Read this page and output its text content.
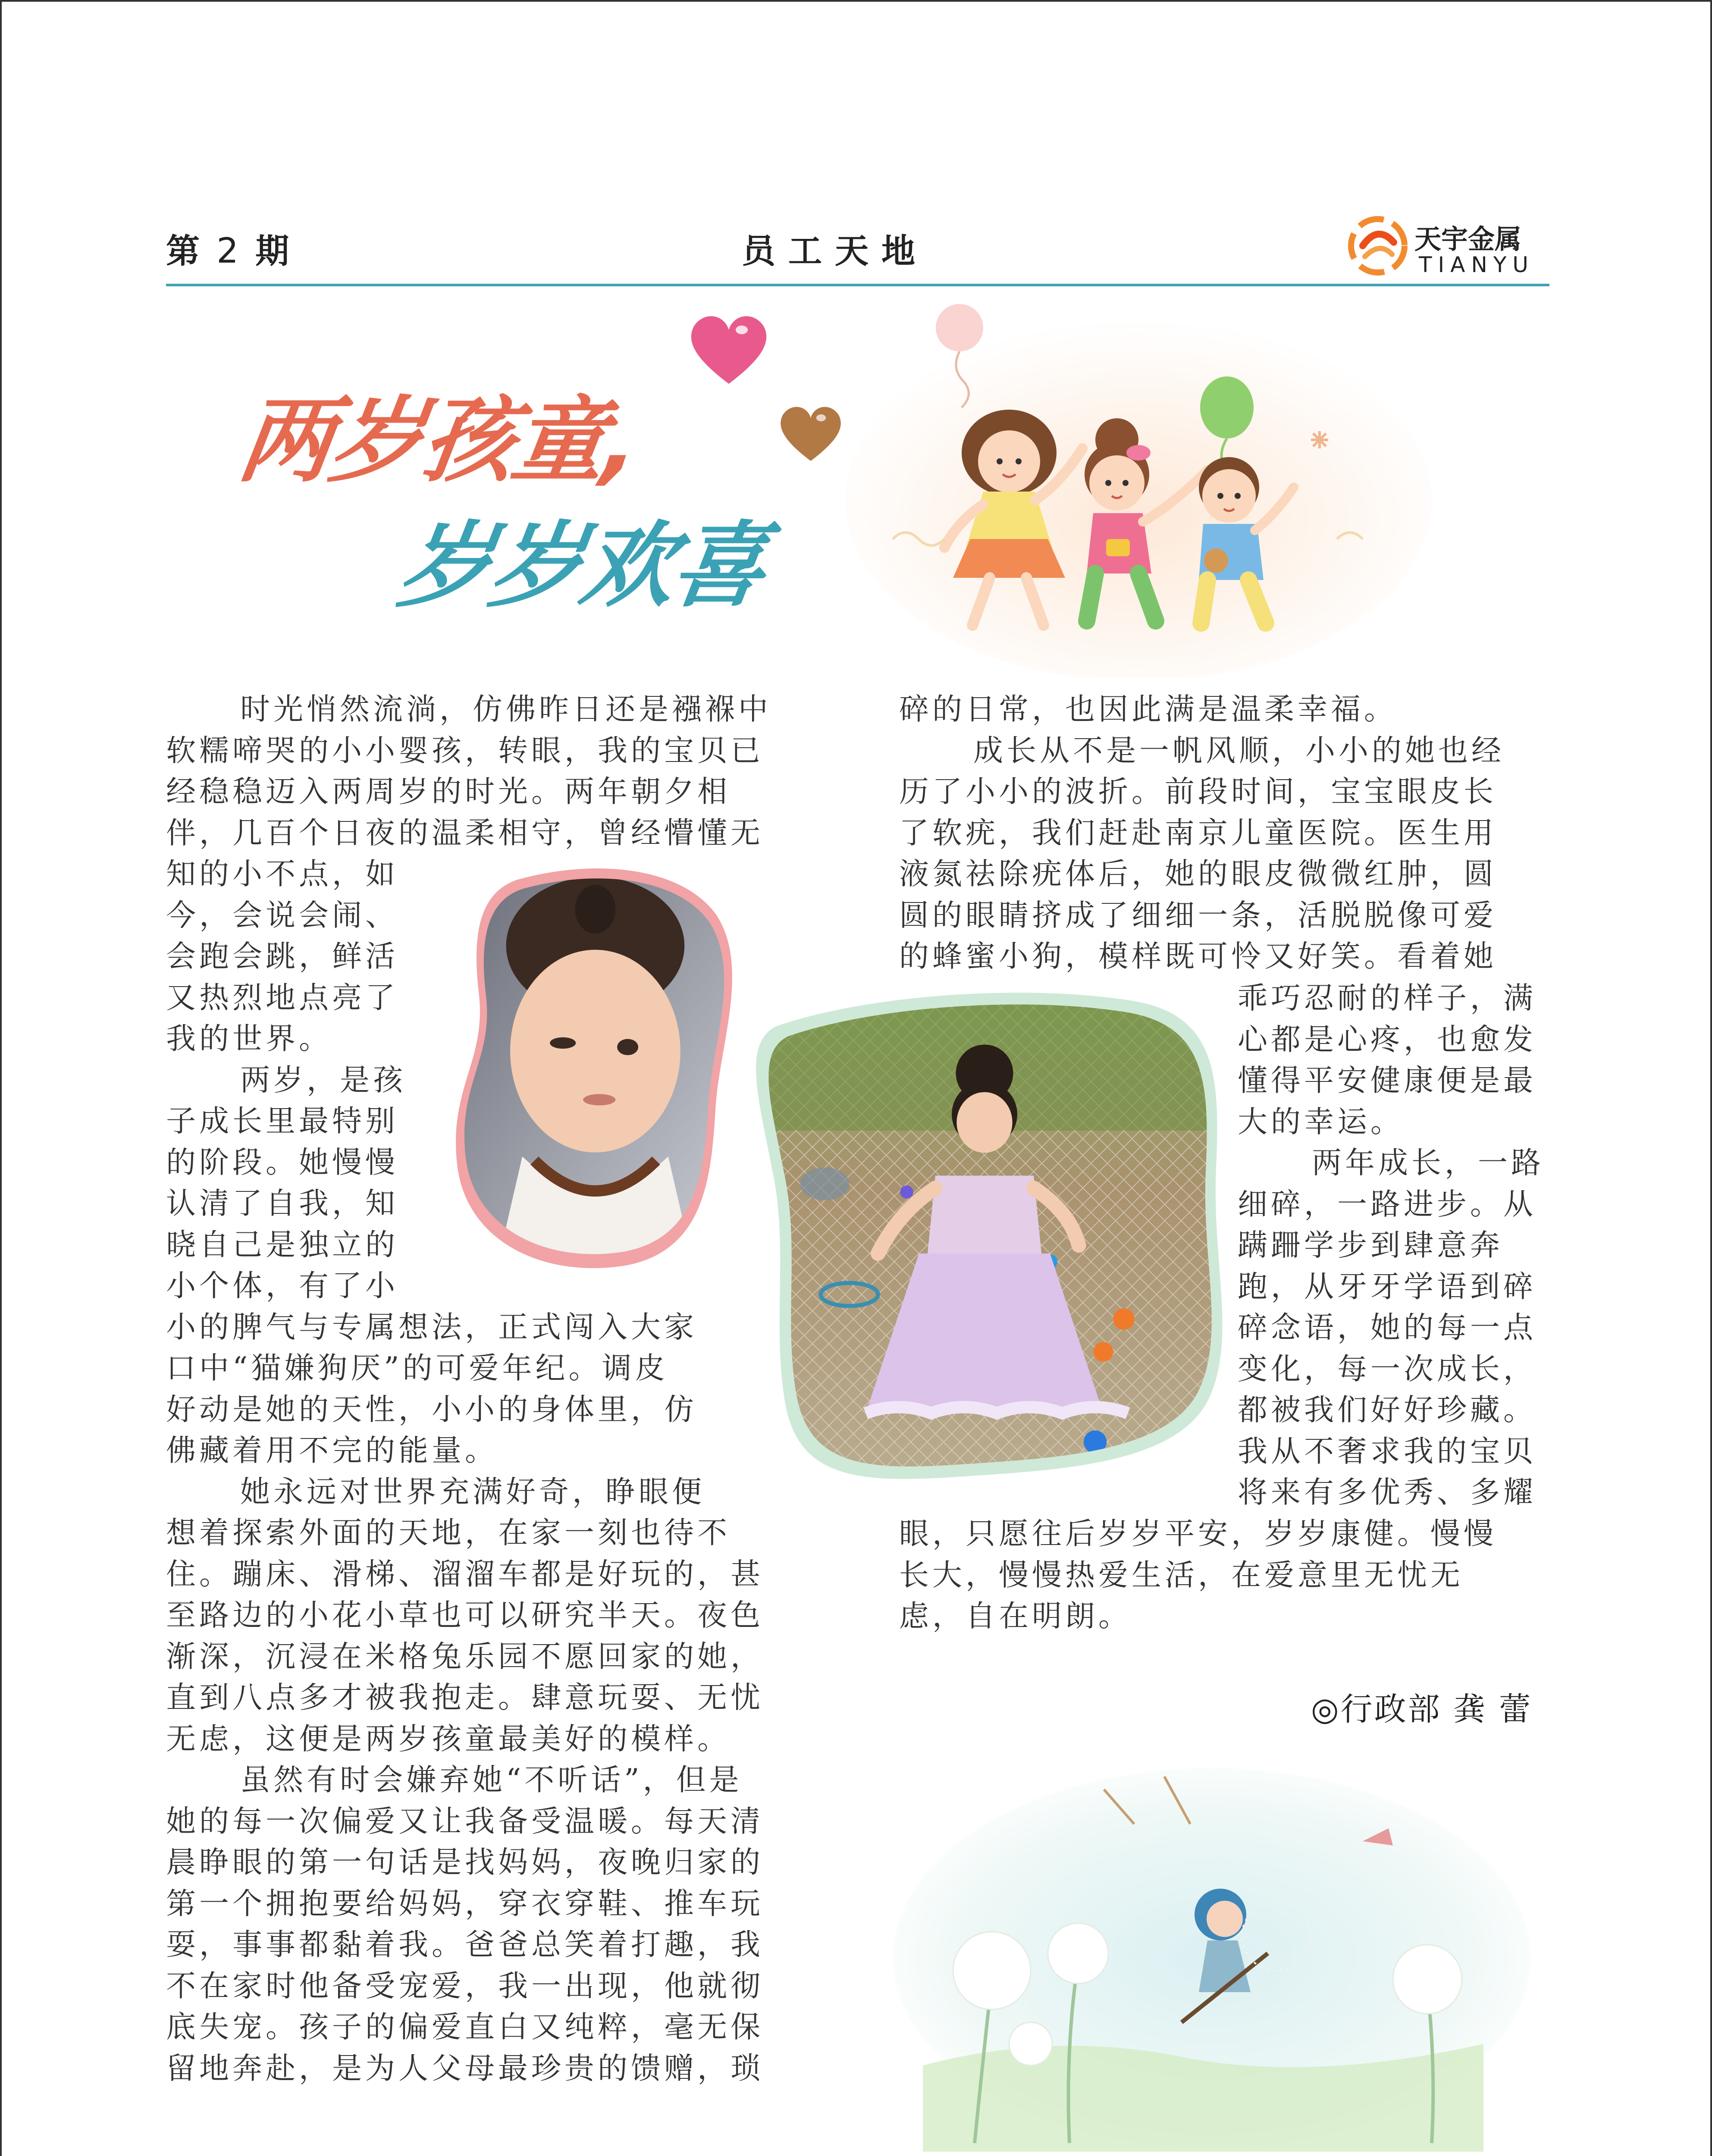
第 2 期	员工天地	天宇金属
TIANYU
两岁孩童,
岁岁欢喜

时光悄然流淌，仿佛昨日还是襁褓中

软糯啼哭的小小婴孩，转眼，我的宝贝已

经稳稳迈入两周岁的时光。两年朝夕相

伴，几百个日夜的温柔相守，曾经懵懂无

知的小不点，如

今，会说会闹、

会跑会跳，鲜活

又热烈地点亮了

我的世界。

两岁，是孩

子成长里最特别

的阶段。她慢慢

认清了自我，知

晓自己是独立的

小个体，有了小

小的脾气与专属想法，正式闯入大家

口中“猫嫌狗厌”的可爱年纪。调皮

好动是她的天性，小小的身体里，仿

佛藏着用不完的能量。

她永远对世界充满好奇，睁眼便

想着探索外面的天地，在家一刻也待不

住。蹦床、滑梯、溜溜车都是好玩的，甚

至路边的小花小草也可以研究半天。夜色

渐深，沉浸在米格兔乐园不愿回家的她，

直到八点多才被我抱走。肆意玩耍、无忧

无虑，这便是两岁孩童最美好的模样。

虽然有时会嫌弃她“不听话”，但是

她的每一次偏爱又让我备受温暖。每天清

晨睁眼的第一句话是找妈妈，夜晚归家的

第一个拥抱要给妈妈，穿衣穿鞋、推车玩

耍，事事都黏着我。爸爸总笑着打趣，我

不在家时他备受宠爱，我一出现，他就彻

底失宠。孩子的偏爱直白又纯粹，毫无保

留地奔赴，是为人父母最珍贵的馈赠，琐

碎的日常，也因此满是温柔幸福。

成长从不是一帆风顺，小小的她也经

历了小小的波折。前段时间，宝宝眼皮长

了软疣，我们赶赴南京儿童医院。医生用

液氮祛除疣体后，她的眼皮微微红肿，圆

圆的眼睛挤成了细细一条，活脱脱像可爱

的蜂蜜小狗，模样既可怜又好笑。看着她

乖巧忍耐的样子，满

心都是心疼，也愈发

懂得平安健康便是最

大的幸运。

两年成长，一路

细碎，一路进步。从

蹒跚学步到肆意奔

跑，从牙牙学语到碎

碎念语，她的每一点

变化，每一次成长，

都被我们好好珍藏。

我从不奢求我的宝贝

将来有多优秀、多耀

眼，只愿往后岁岁平安，岁岁康健。慢慢

长大，慢慢热爱生活，在爱意里无忧无

虑，自在明朗。

◎行政部 龚 蕾
